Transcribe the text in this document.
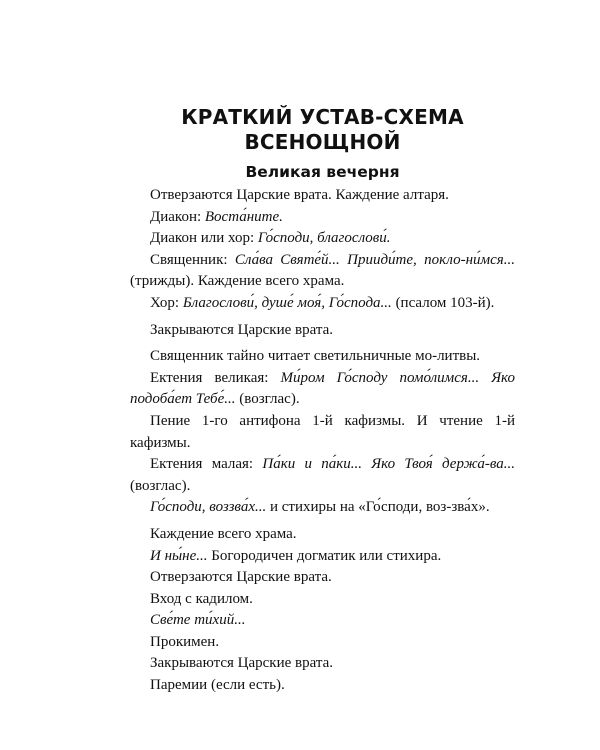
КРАТКИЙ УСТАВ-СХЕМА
ВСЕНОЩНОЙ
Великая вечерня

Отверзаются Царские врата. Каждение алтаря.

Диакон: Воста́ните.

Диакон или хор: Го́споди, благослови́.

Священник: Сла́ва Святе́й... Прииди́те, покло-ни́мся... (трижды). Каждение всего храма.

Хор: Благослови́, душе́ моя́, Го́спода... (псалом 103-й).

Закрываются Царские врата.

Священник тайно читает светильничные мо-литвы.

Ектения великая: Ми́ром Го́споду помо́лимся... Яко подоба́ет Тебе́... (возглас).

Пение 1-го антифона 1-й кафизмы. И чтение 1-й кафизмы.

Ектения малая: Па́ки и па́ки... Яко Твоя́ держа́-ва... (возглас).

Го́споди, воззва́х... и стихиры на «Го́споди, воз-зва́х».

Каждение всего храма.

И ны́не... Богородичен догматик или стихира.

Отверзаются Царские врата.

Вход с кадилом.

Све́те ти́хий...

Прокимен.

Закрываются Царские врата.

Паремии (если есть).
